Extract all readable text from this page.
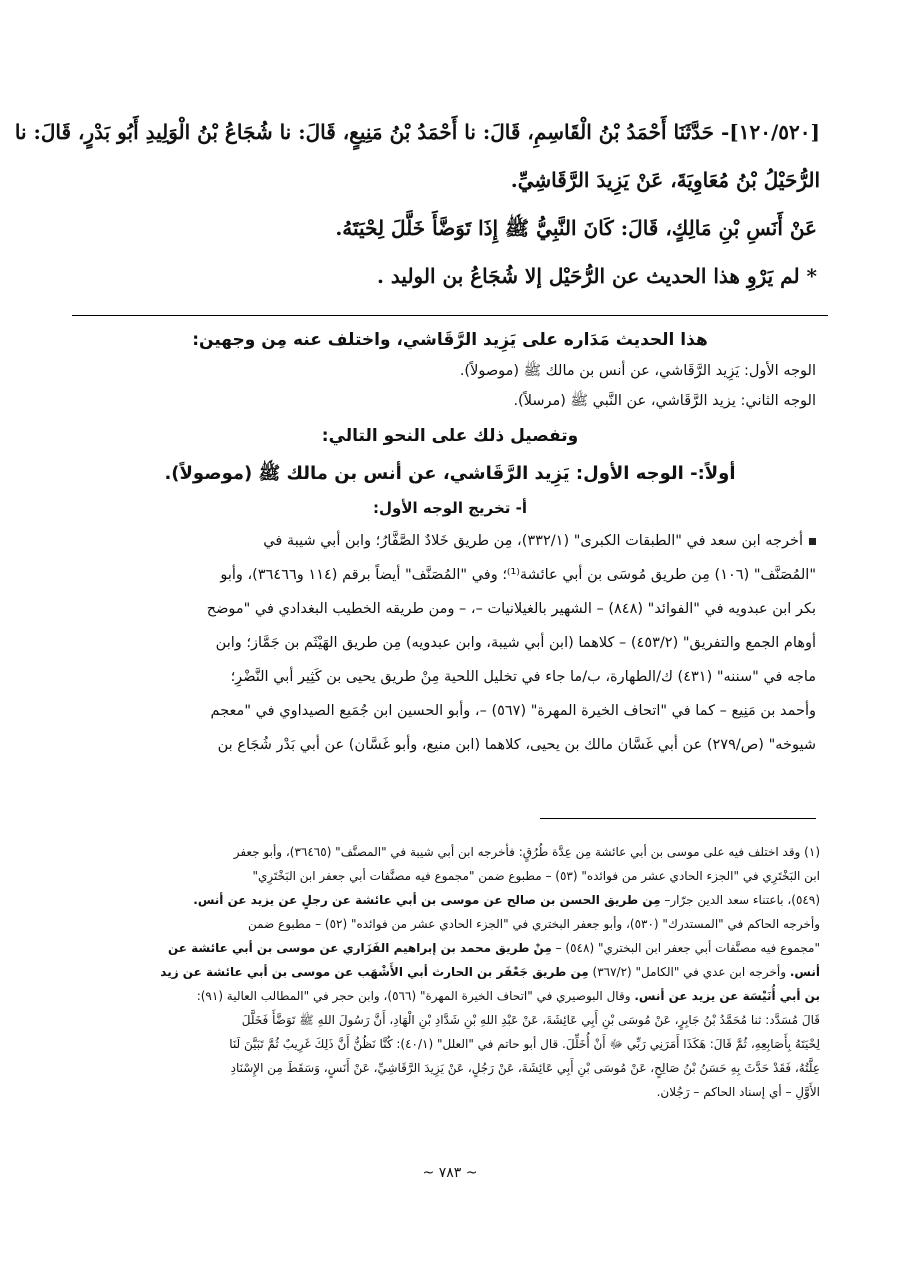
[١٢٠/٥٢٠]- حَدَّثَنَا أَحْمَدُ بْنُ الْقَاسِمِ، قَالَ: نا أَحْمَدُ بْنُ مَنِيعٍ، قَالَ: نا شُجَاعُ بْنُ الْوَلِيدِ أَبُو بَدْرٍ، قَالَ: نا

الرُّحَيْلُ بْنُ مُعَاوِيَةَ، عَنْ يَزِيدَ الرَّقَاشِيِّ.

عَنْ أَنَسِ بْنِ مَالِكٍ، قَالَ: كَانَ النَّبِيُّ ﷺ إِذَا تَوَضَّأَ خَلَّلَ لِحْيَتَهُ.

* لم يَرْوِ هذا الحديث عن الرُّحَيْل إلا شُجَاعُ بن الوليد .

هذا الحديث مَدَاره على يَزِيد الرَّقَاشي، واختلف عنه مِن وجهين:

الوجه الأول: يَزِيد الرَّقَاشي، عن أنس بن مالك ﷺ (موصولاً).

الوجه الثاني: يزيد الرَّقَاشي، عن النَّبي ﷺ (مرسلاً).

وتفصيل ذلك على النحو التالي:

أولاً:- الوجه الأول: يَزِيد الرَّقَاشي، عن أنس بن مالك ﷺ (موصولاً).

أ- تخريج الوجه الأول:

أخرجه ابن سعد في "الطبقات الكبرى" (٣٣٢/١)، مِن طريق خَلادٌ الصَّفَّارُ؛ وابن أبي شيبة في

"المُصَنَّف" (١٠٦) مِن طريق مُوسَى بن أبي عائشة⁽¹⁾؛ وفي "المُصَنَّف" أيضاً برقم (١١٤ و٣٦٤٦٦)، وأبو

بكر ابن عبدويه في "الفوائد" (٨٤٨) – الشهير بالغيلانيات –، – ومن طريقه الخطيب البغدادي في "موضح

أوهام الجمع والتفريق" (٤٥٣/٢) – كلاهما (ابن أبي شيبة، وابن عبدويه) مِن طريق الهَيْثَم بن جَمَّاز؛ وابن

ماجه في "سننه" (٤٣١) ك/الطهارة، ب/ما جاء في تخليل اللحية مِنْ طريق يحيى بن كَثِير أبي النَّضْرِ؛

وأحمد بن مَنِيع – كما في "اتحاف الخيرة المهرة" (٥٦٧) –، وأبو الحسين ابن جُمَيع الصيداوي في "معجم

شيوخه" (ص/٢٧٩) عن أبي غَسَّان مالك بن يحيى، كلاهما (ابن منيع، وأبو غَسَّان) عن أبي بَدْر شُجَاع بن

(١) وقد اختلف فيه على موسى بن أبي عائشة مِن عِدَّة طُرُقٍ: فأخرجه ابن أبي شيبة في "المصنَّف" (٣٦٤٦٥)، وأبو جعفر

ابن البَخْتَرِي في "الجزء الحادي عشر من فوائده" (٥٣) – مطبوع ضمن "مجموع فيه مصنَّفات أبي جعفر ابن البَخْتَرِي"

(٥٤٩)، باعتناء سعد الدين جرّار– مِن طريق الحسن بن صالح عن موسى بن أبي عائشة عن رجلٍ عن يزيد عن أنس.

وأخرجه الحاكم في "المستدرك" (٥٣٠)، وأبو جعفر البختري في "الجزء الحادي عشر من فوائده" (٥٢) – مطبوع ضمن

"مجموع فيه مصنَّفات أبي جعفر ابن البختري" (٥٤٨) – مِنْ طريق محمد بن إبراهيم الفَزَاري عن موسى بن أبي عائشة عن

أنس. وأخرجه ابن عدي في "الكامل" (٣٦٧/٢) مِن طريق جَعْفَر بن الحارث أبي الأَشْهَب عن موسى بن أبي عائشة عن زيد

بن أبي أُنَيْسَة عن يزيد عن أنس. وقال البوصيري في "اتحاف الخيرة المهرة" (٥٦٦)، وابن حجر في "المطالب العالية (٩١):

قَالَ مُسَدَّد: ثنا مُحَمَّدُ بْنُ جَابِرٍ، عَنْ مُوسَى بْنِ أَبِي عَائِشَةَ، عَنْ عَبْدِ اللهِ بْنِ شَدَّادِ بْنِ الْهَادِ، أَنَّ رَسُولَ اللهِ ﷺ تَوَضَّأَ فَخَلَّلَ

لِحْيَتَهُ بِأَصَابِعِهِ، ثُمَّ قَالَ: هَكَذَا أَمَرَنِي رَبِّي ﷻ أَنْ أُخَلِّلَ. قال أبو حاتم في "العلل" (٤٠/١): كُنَّا نَظُنُّ أَنَّ ذَلِكَ غَرِيبٌ ثُمَّ تَبَيَّنَ لَنَا

عِلَّتُهُ، فَقَدْ حَدَّثَ بِهِ حَسَنُ بْنُ صَالِحٍ، عَنْ مُوسَى بْنِ أَبِي عَائِشَةَ، عَنْ رَجُلٍ، عَنْ يَزِيدَ الرَّقَاشِيِّ، عَنْ أَنَسٍ، وَسَقَطَ مِن الإِسْنَادِ

الأَوَّلِ – أي إسناد الحاكم – رَجُلان.

~ ٧٨٣ ~
